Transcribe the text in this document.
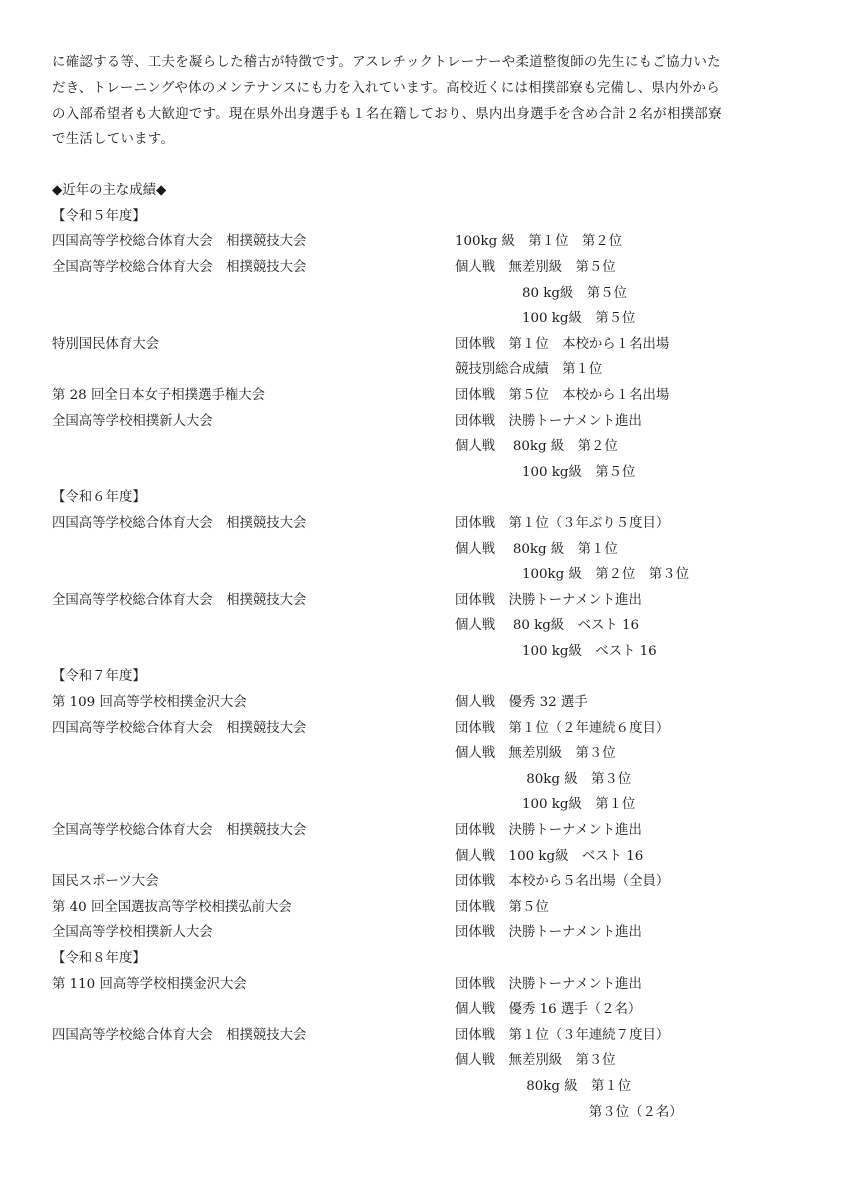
に確認する等、工夫を凝らした稽古が特徴です。アスレチックトレーナーや柔道整復師の先生にもご協力いた

だき、トレーニングや体のメンテナンスにも力を入れています。高校近くには相撲部寮も完備し、県内外から

の入部希望者も大歓迎です。現在県外出身選手も１名在籍しており、県内出身選手を含め合計２名が相撲部寮

で生活しています。

◆近年の主な成績◆
【令和５年度】
四国高等学校総合体育大会　相撲競技大会	100kg 級　第１位　第２位
全国高等学校総合体育大会　相撲競技大会	個人戦　無差別級　第５位
　　　　　80 kg級　第５位
　　　　　100 kg級　第５位
特別国民体育大会	団体戦　第１位　本校から１名出場
競技別総合成績　第１位
第 28 回全日本女子相撲選手権大会	団体戦　第５位　本校から１名出場
全国高等学校相撲新人大会	団体戦　決勝トーナメント進出
個人戦　 80kg 級　第２位
　　　　　100 kg級　第５位
【令和６年度】
四国高等学校総合体育大会　相撲競技大会	団体戦　第１位（３年ぶり５度目）
個人戦　 80kg 級　第１位
　　　　　100kg 級　第２位　第３位
全国高等学校総合体育大会　相撲競技大会	団体戦　決勝トーナメント進出
個人戦　 80 kg級　ベスト 16
　　　　　100 kg級　ベスト 16
【令和７年度】
第 109 回高等学校相撲金沢大会	個人戦　優秀 32 選手
四国高等学校総合体育大会　相撲競技大会	団体戦　第１位（２年連続６度目）
個人戦　無差別級　第３位
　　　　　 80kg 級　第３位
　　　　　100 kg級　第１位
全国高等学校総合体育大会　相撲競技大会	団体戦　決勝トーナメント進出
個人戦　100 kg級　ベスト 16
国民スポーツ大会	団体戦　本校から５名出場（全員）
第 40 回全国選抜高等学校相撲弘前大会	団体戦　第５位
全国高等学校相撲新人大会	団体戦　決勝トーナメント進出
【令和８年度】
第 110 回高等学校相撲金沢大会	団体戦　決勝トーナメント進出
個人戦　優秀 16 選手（２名）
四国高等学校総合体育大会　相撲競技大会	団体戦　第１位（３年連続７度目）
個人戦　無差別級　第３位
　　　　　 80kg 級　第１位
　　　　　　　　　　第３位（２名）
